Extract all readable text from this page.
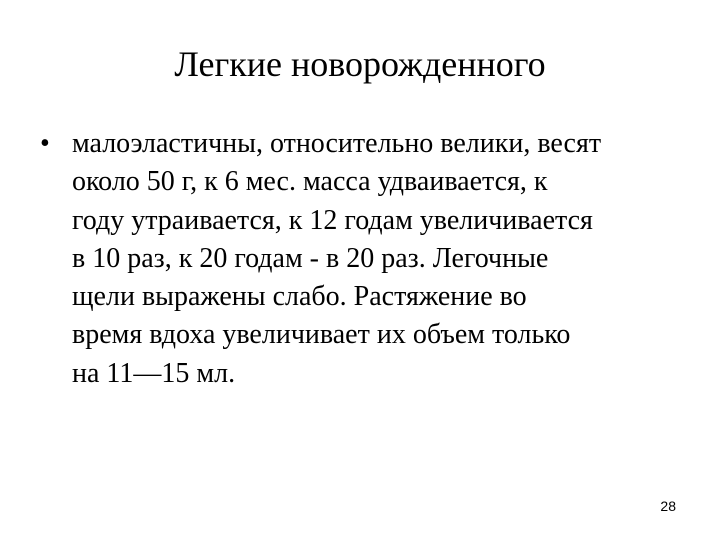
Легкие новорожденного
• малоэластичны, относительно велики, весят
около 50 г, к 6 мес. масса удваивается, к
году утраивается, к 12 годам увеличивается
в 10 раз, к 20 годам - в 20 раз. Легочные
щели выражены слабо. Растяжение во
время вдоха увеличивает их объем только
на 11—15 мл.
28
